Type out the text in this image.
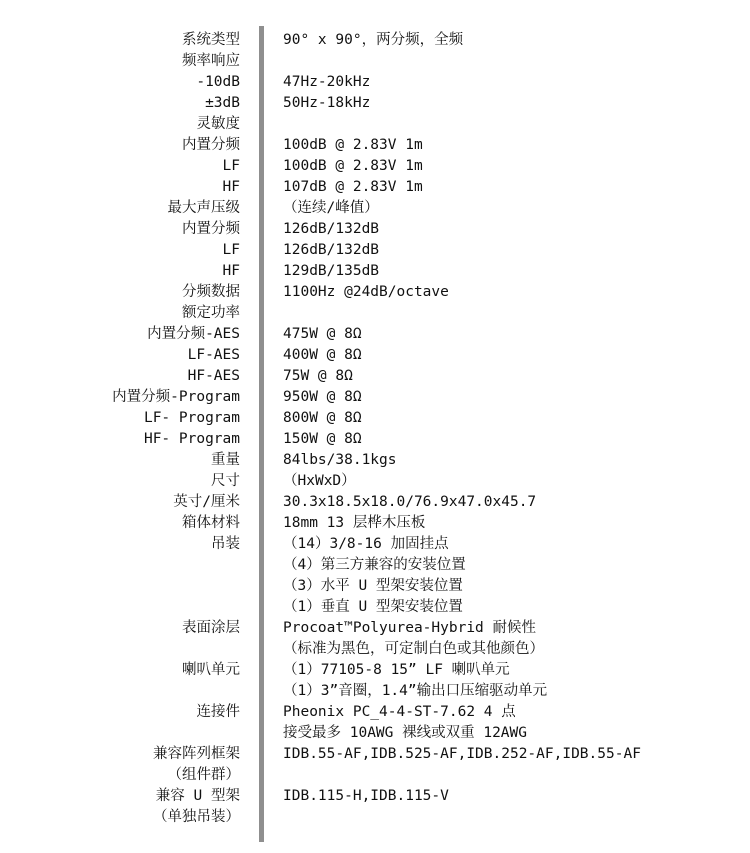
系统类型	90° x 90°，两分频，全频
频率响应
-10dB	47Hz-20kHz
±3dB	50Hz-18kHz
灵敏度
内置分频	100dB @ 2.83V 1m
LF	100dB @ 2.83V 1m
HF	107dB @ 2.83V 1m
最大声压级	（连续/峰值）
内置分频	126dB/132dB
LF	126dB/132dB
HF	129dB/135dB
分频数据	1100Hz @24dB/octave
额定功率
内置分频-AES	475W @ 8Ω
LF-AES	400W @ 8Ω
HF-AES	75W @ 8Ω
内置分频-Program	950W @ 8Ω
LF- Program	800W @ 8Ω
HF- Program	150W @ 8Ω
重量	84lbs/38.1kgs
尺寸	（HxWxD）
英寸/厘米	30.3x18.5x18.0/76.9x47.0x45.7
箱体材料	18mm 13 层桦木压板
吊装	（14）3/8-16 加固挂点
（4）第三方兼容的安装位置
（3）水平 U 型架安装位置
（1）垂直 U 型架安装位置
表面涂层	Procoat™Polyurea-Hybrid 耐候性
（标准为黑色，可定制白色或其他颜色）
喇叭单元	（1）77105-8 15” LF 喇叭单元
（1）3”音圈，1.4”输出口压缩驱动单元
连接件	Pheonix PC_4-4-ST-7.62 4 点
接受最多 10AWG 裸线或双重 12AWG
兼容阵列框架	IDB.55-AF,IDB.525-AF,IDB.252-AF,IDB.55-AF
（组件群）
兼容 U 型架	IDB.115-H,IDB.115-V
（单独吊装）
